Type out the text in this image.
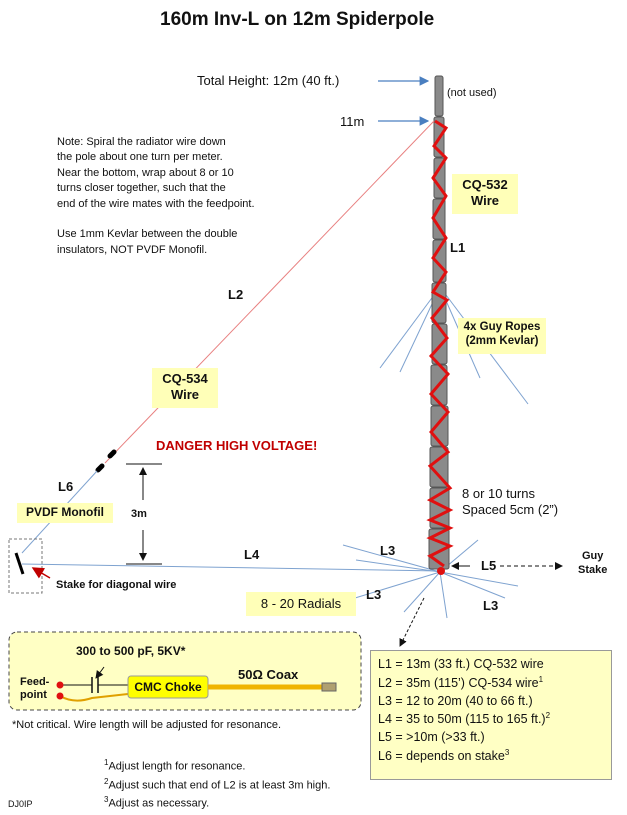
160m Inv-L on 12m Spiderpole
Total Height: 12m (40 ft.)
(not used)
11m
Note: Spiral the radiator wire down
the pole about one turn per meter.
Near the bottom, wrap about 8 or 10
turns closer together, such that the
end of the wire mates with the feedpoint.

Use 1mm Kevlar between the double
insulators, NOT PVDF Monofil.
CQ-532
Wire
L1
L2
4x Guy Ropes
(2mm Kevlar)
CQ-534
Wire
DANGER HIGH VOLTAGE!
L6
PVDF Monofil	3m
8 or 10 turns
Spaced 5cm (2”)
L4	L3
L5
Guy
Stake
L3
L3
Stake for diagonal wire
8 - 20 Radials
300 to 500 pF, 5KV*
Feed-
point
CMC Choke
50Ω Coax
*Not critical. Wire length will be adjusted for resonance.
L1 = 13m (33 ft.) CQ-532 wire
L2 = 35m (115’) CQ-534 wire$^1$
L3 = 12 to 20m (40 to 66 ft.)
L4 = 35 to 50m (115 to 165 ft.)$^2$
L5 = >10m (>33 ft.)
L6 = depends on stake$^3$
$^1$Adjust length for resonance.
$^2$Adjust such that end of L2 is at least 3m high.
$^3$Adjust as necessary.
DJ0IP
